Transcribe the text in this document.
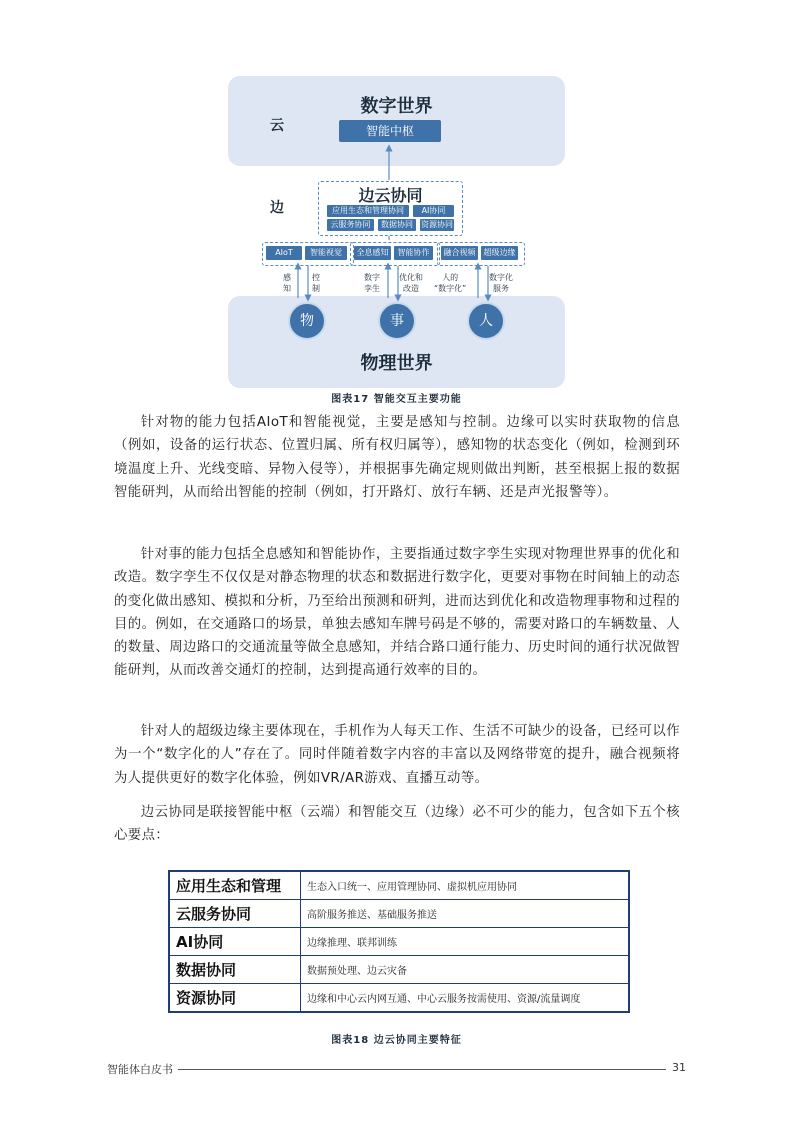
数字世界
智能中枢
云
边
边云协同
应用生态和管理协同	AI协同
云服务协同	数据协同	资源协同
AIoT	智能视觉	全息感知	智能协作	融合视频	超级边缘
物理世界
感
知
控
制
数字
孪生
优化和
改造
人的
“数字化”
数字化
服务
物	事	人
图表17 智能交互主要功能

针对物的能力包括AIoT和智能视觉，主要是感知与控制。边缘可以实时获取物的信息（例如，设备的运行状态、位置归属、所有权归属等），感知物的状态变化（例如，检测到环境温度上升、光线变暗、异物入侵等），并根据事先确定规则做出判断，甚至根据上报的数据智能研判，从而给出智能的控制（例如，打开路灯、放行车辆、还是声光报警等）。

针对事的能力包括全息感知和智能协作，主要指通过数字孪生实现对物理世界事的优化和改造。数字孪生不仅仅是对静态物理的状态和数据进行数字化，更要对事物在时间轴上的动态的变化做出感知、模拟和分析，乃至给出预测和研判，进而达到优化和改造物理事物和过程的目的。例如，在交通路口的场景，单独去感知车牌号码是不够的，需要对路口的车辆数量、人的数量、周边路口的交通流量等做全息感知，并结合路口通行能力、历史时间的通行状况做智能研判，从而改善交通灯的控制，达到提高通行效率的目的。

针对人的超级边缘主要体现在，手机作为人每天工作、生活不可缺少的设备，已经可以作为一个“数字化的人”存在了。同时伴随着数字内容的丰富以及网络带宽的提升，融合视频将为人提供更好的数字化体验，例如VR/AR游戏、直播互动等。

边云协同是联接智能中枢（云端）和智能交互（边缘）必不可少的能力，包含如下五个核心要点：

应用生态和管理	生态入口统一、应用管理协同、虚拟机应用协同
云服务协同	高阶服务推送、基础服务推送
AI协同	边缘推理、联邦训练
数据协同	数据预处理、边云灾备
资源协同	边缘和中心云内网互通、中心云服务按需使用、资源/流量调度
图表18 边云协同主要特征
智能体白皮书	31
